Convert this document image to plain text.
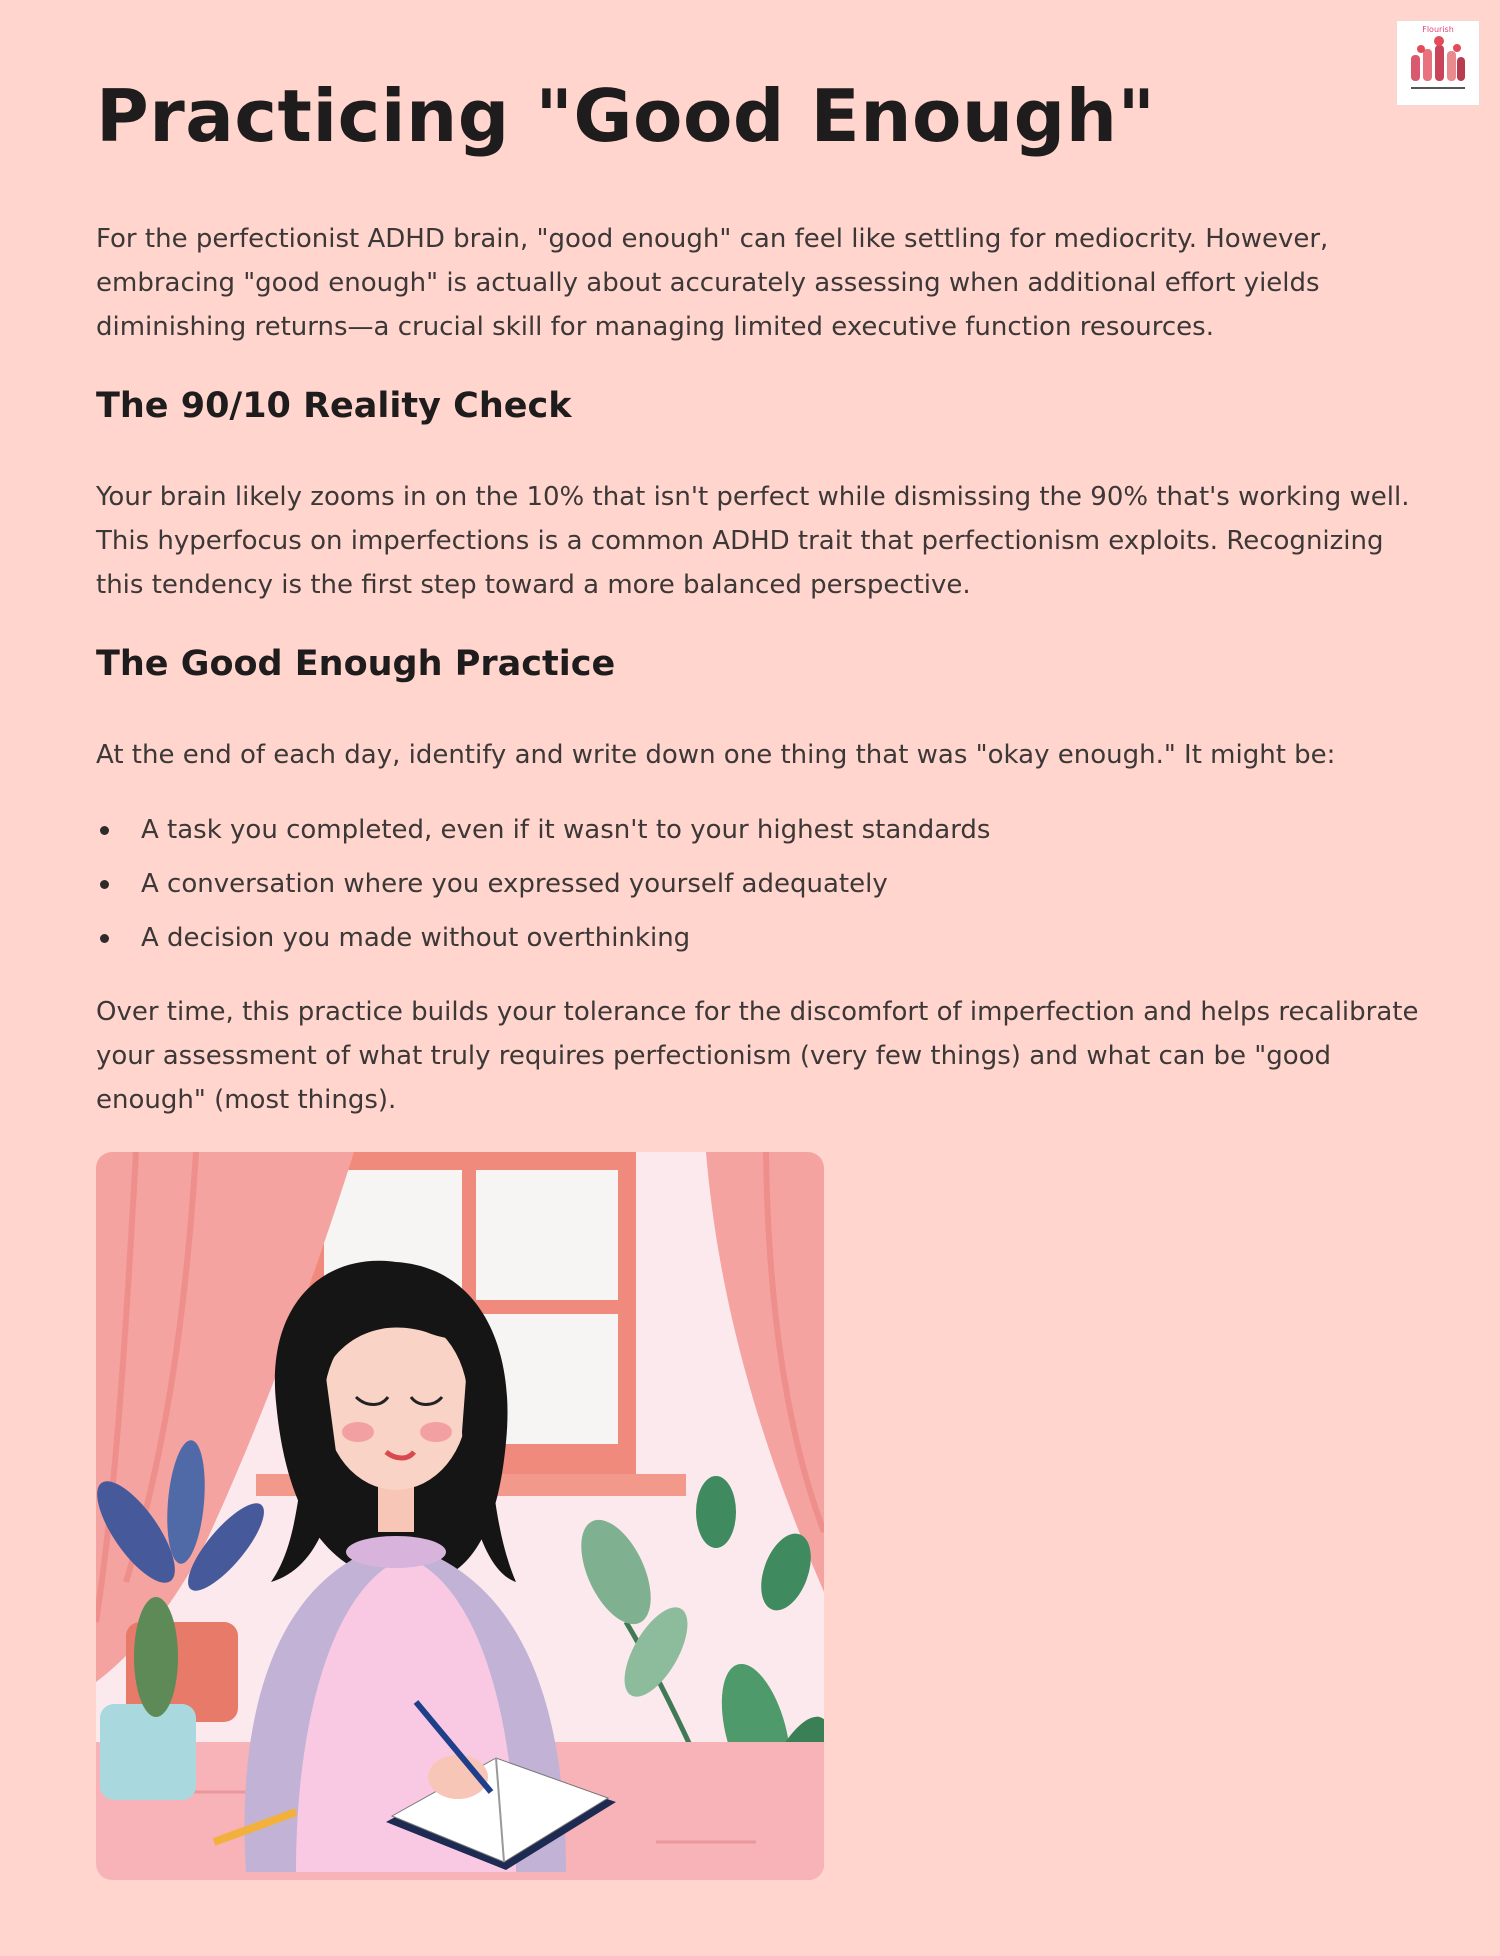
Flourish
Practicing "Good Enough"
For the perfectionist ADHD brain, "good enough" can feel like settling for mediocrity. However,
embracing "good enough" is actually about accurately assessing when additional effort yields
diminishing returns—a crucial skill for managing limited executive function resources.
The 90/10 Reality Check
Your brain likely zooms in on the 10% that isn't perfect while dismissing the 90% that's working well.
This hyperfocus on imperfections is a common ADHD trait that perfectionism exploits. Recognizing
this tendency is the first step toward a more balanced perspective.
The Good Enough Practice
At the end of each day, identify and write down one thing that was "okay enough." It might be:
A task you completed, even if it wasn't to your highest standards
A conversation where you expressed yourself adequately
A decision you made without overthinking
Over time, this practice builds your tolerance for the discomfort of imperfection and helps recalibrate
your assessment of what truly requires perfectionism (very few things) and what can be "good
enough" (most things).
